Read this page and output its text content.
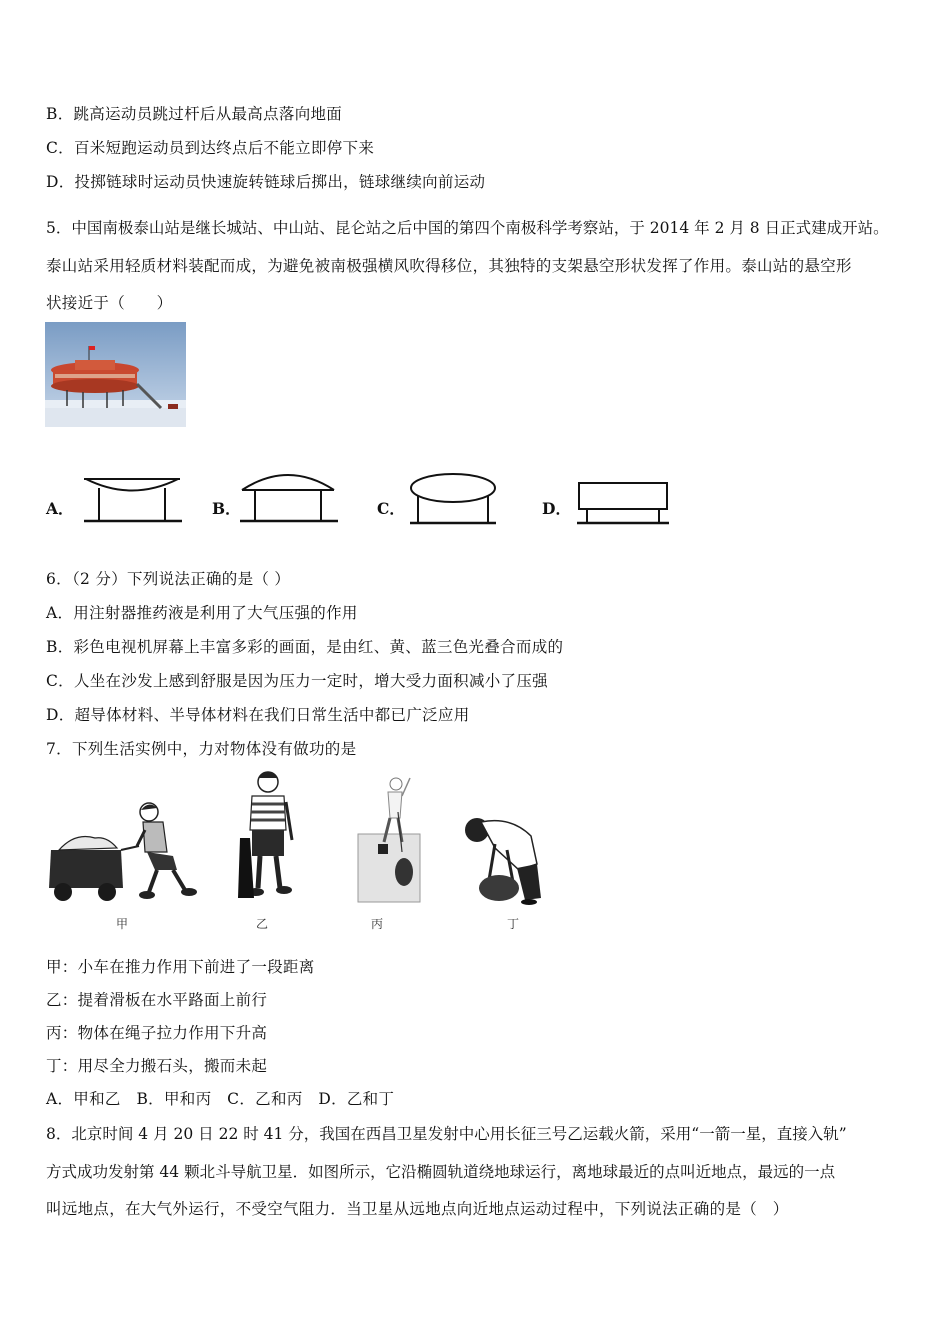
B．跳高运动员跳过杆后从最高点落向地面
C．百米短跑运动员到达终点后不能立即停下来
D．投掷链球时运动员快速旋转链球后掷出，链球继续向前运动
5．中国南极泰山站是继长城站、中山站、昆仑站之后中国的第四个南极科学考察站，于 2014 年 2 月 8 日正式建成开站。
泰山站采用轻质材料装配而成，为避免被南极强横风吹得移位，其独特的支架悬空形状发挥了作用。泰山站的悬空形
状接近于（　　）
A．	B．	C．	D．
6．（2 分）下列说法正确的是（ ）
A．用注射器推药液是利用了大气压强的作用
B．彩色电视机屏幕上丰富多彩的画面，是由红、黄、蓝三色光叠合而成的
C．人坐在沙发上感到舒服是因为压力一定时，增大受力面积减小了压强
D．超导体材料、半导体材料在我们日常生活中都已广泛应用
7．下列生活实例中，力对物体没有做功的是
甲	乙	丙	丁
甲：小车在推力作用下前进了一段距离
乙：提着滑板在水平路面上前行
丙：物体在绳子拉力作用下升高
丁：用尽全力搬石头，搬而未起
A．甲和乙　B．甲和丙　C．乙和丙　D．乙和丁
8．北京时间 4 月 20 日 22 时 41 分，我国在西昌卫星发射中心用长征三号乙运载火箭，采用“一箭一星，直接入轨”
方式成功发射第 44 颗北斗导航卫星．如图所示，它沿椭圆轨道绕地球运行，离地球最近的点叫近地点，最远的一点
叫远地点，在大气外运行，不受空气阻力．当卫星从远地点向近地点运动过程中，下列说法正确的是（　）
